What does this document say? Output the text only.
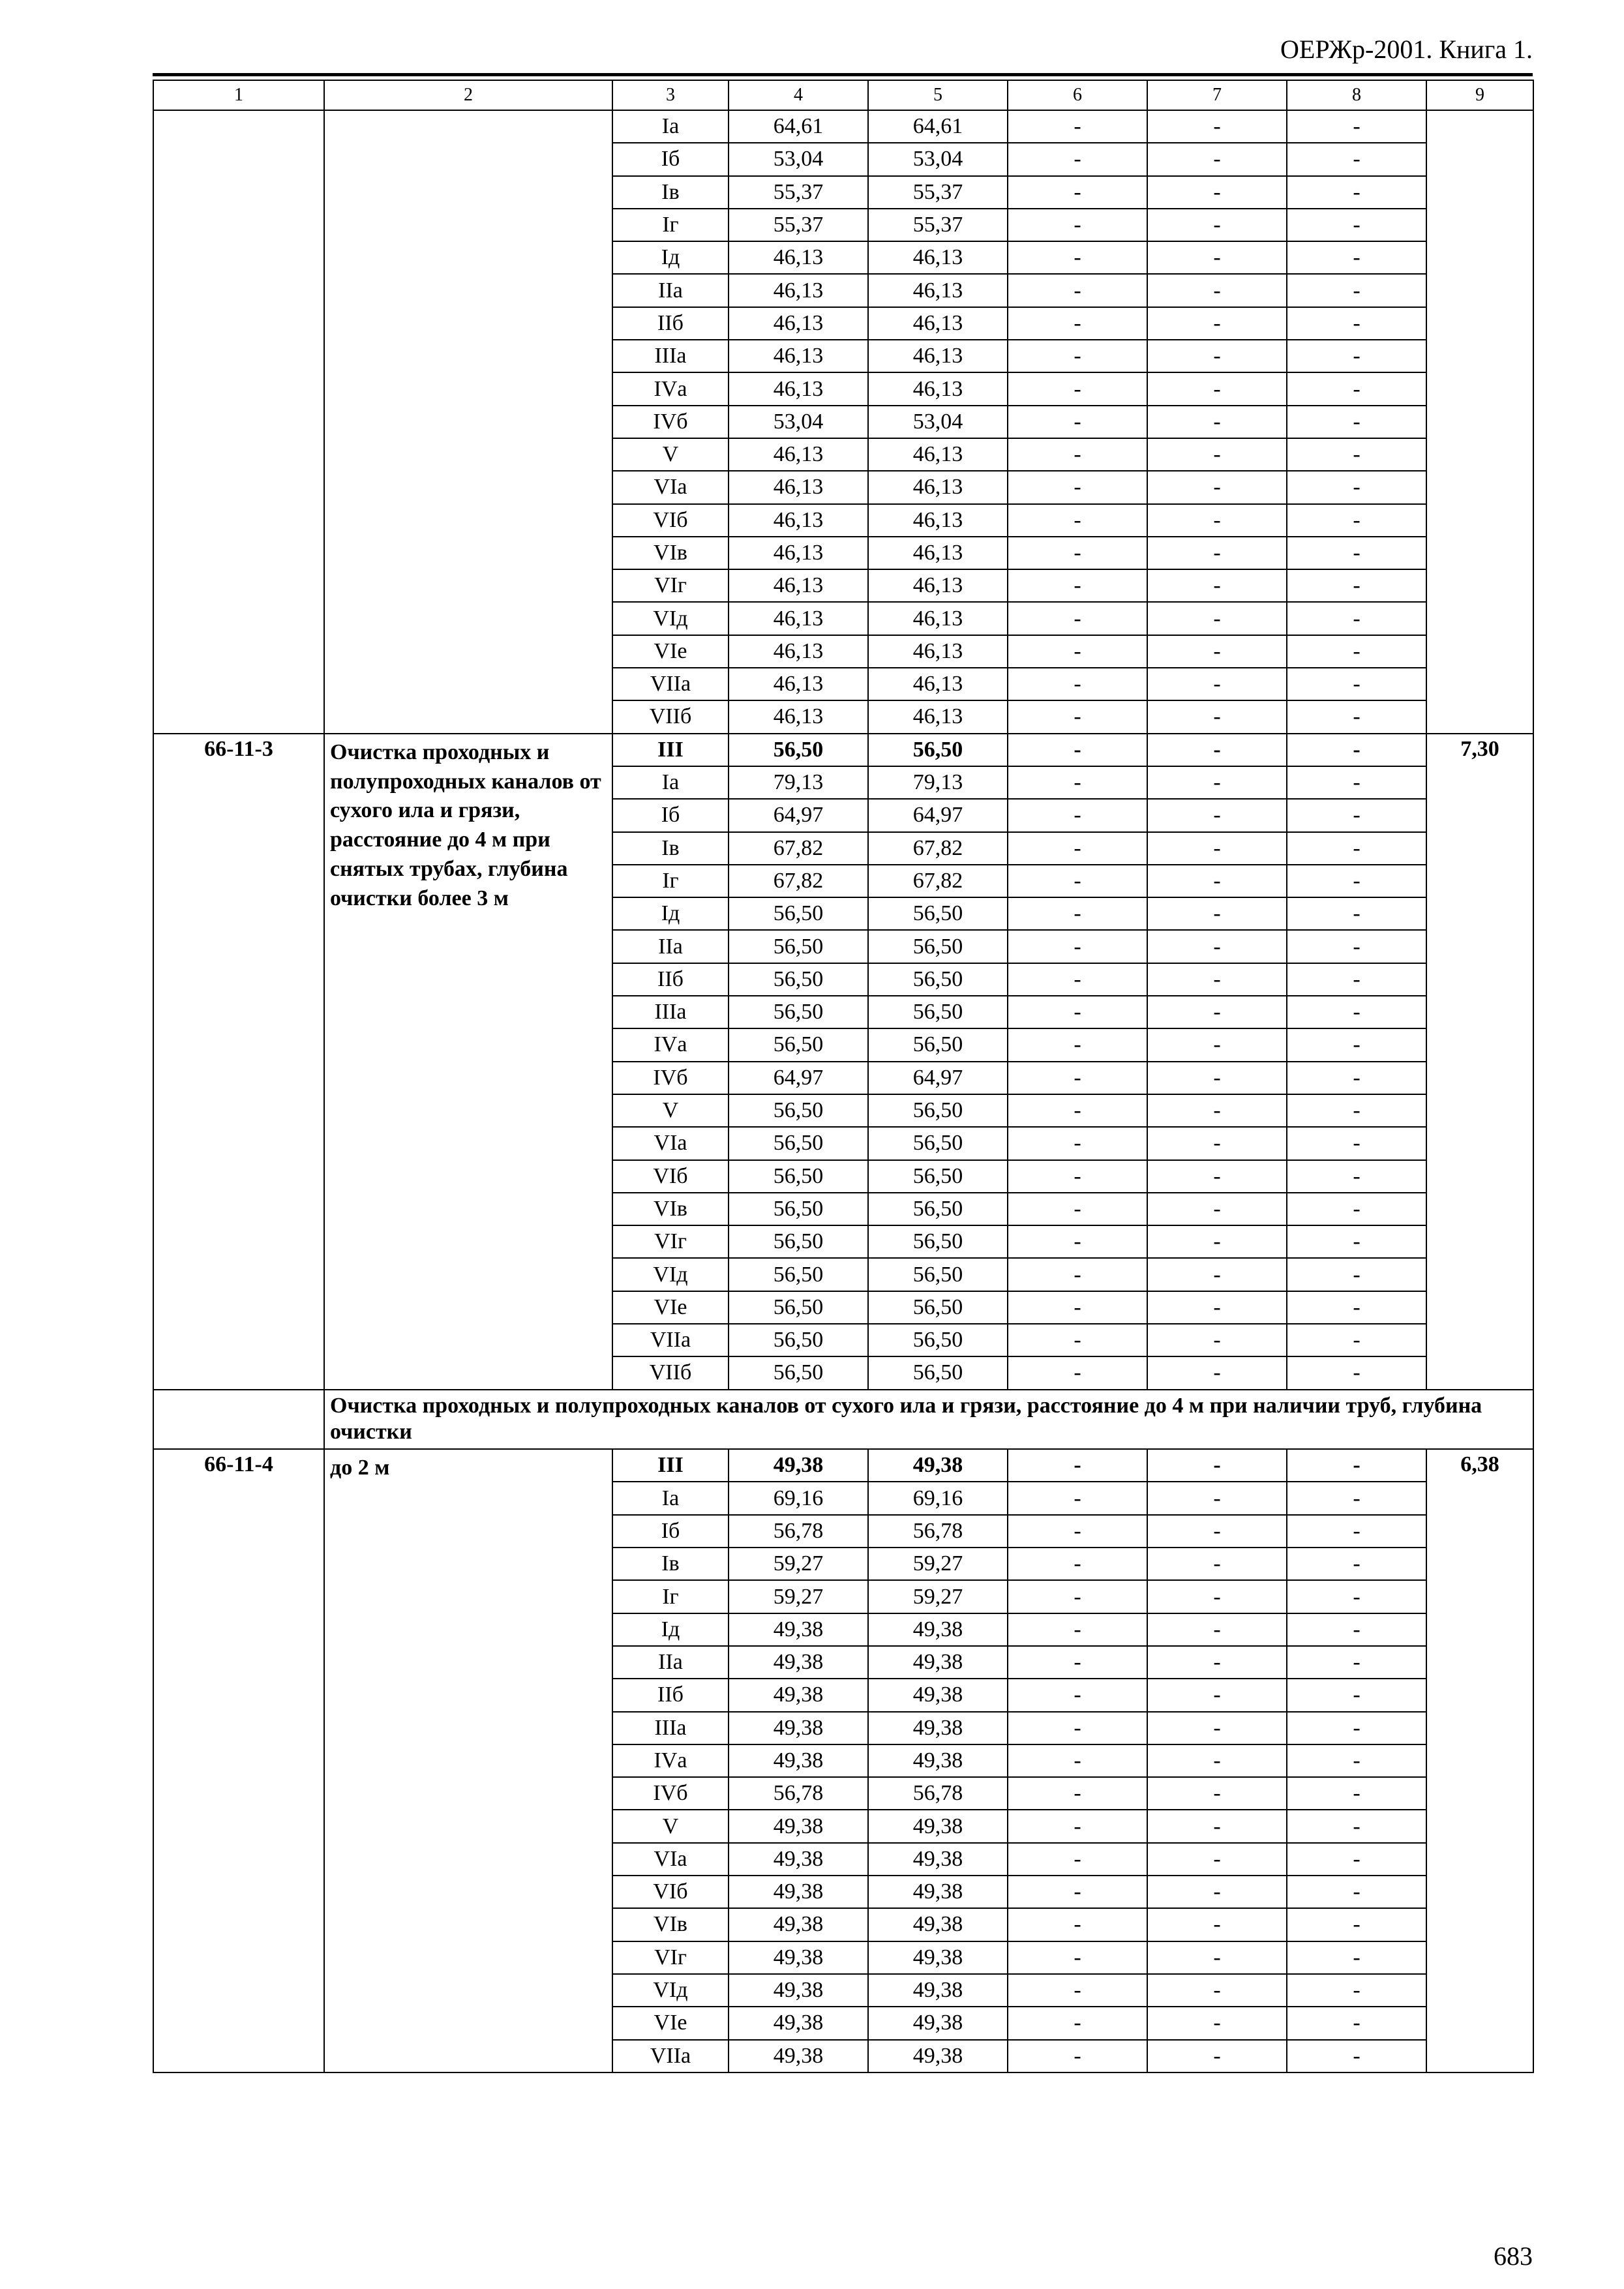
ОЕРЖр-2001. Книга 1.
1	2	3	4	5	6	7	8	9
		Iа	64,61	64,61	-	-	-	
		Iб	53,04	53,04	-	-	-	
		Iв	55,37	55,37	-	-	-	
		Iг	55,37	55,37	-	-	-	
		Iд	46,13	46,13	-	-	-	
		IIа	46,13	46,13	-	-	-	
		IIб	46,13	46,13	-	-	-	
		IIIа	46,13	46,13	-	-	-	
		IVа	46,13	46,13	-	-	-	
		IVб	53,04	53,04	-	-	-	
		V	46,13	46,13	-	-	-	
		VIа	46,13	46,13	-	-	-	
		VIб	46,13	46,13	-	-	-	
		VIв	46,13	46,13	-	-	-	
		VIг	46,13	46,13	-	-	-	
		VIд	46,13	46,13	-	-	-	
		VIе	46,13	46,13	-	-	-	
		VIIа	46,13	46,13	-	-	-	
		VIIб	46,13	46,13	-	-	-	
66-11-3	Очистка проходных и полупроходных каналов от сухого ила и грязи, расстояние до 4 м при снятых трубах, глубина очистки более 3 м	III	56,50	56,50	-	-	-	7,30
		Iа	79,13	79,13	-	-	-	
		Iб	64,97	64,97	-	-	-	
		Iв	67,82	67,82	-	-	-	
		Iг	67,82	67,82	-	-	-	
		Iд	56,50	56,50	-	-	-	
		IIа	56,50	56,50	-	-	-	
		IIб	56,50	56,50	-	-	-	
		IIIа	56,50	56,50	-	-	-	
		IVа	56,50	56,50	-	-	-	
		IVб	64,97	64,97	-	-	-	
		V	56,50	56,50	-	-	-	
		VIа	56,50	56,50	-	-	-	
		VIб	56,50	56,50	-	-	-	
		VIв	56,50	56,50	-	-	-	
		VIг	56,50	56,50	-	-	-	
		VIд	56,50	56,50	-	-	-	
		VIе	56,50	56,50	-	-	-	
		VIIа	56,50	56,50	-	-	-	
		VIIб	56,50	56,50	-	-	-	
	Очистка проходных и полупроходных каналов от сухого ила и грязи, расстояние до 4 м при наличии труб, глубина очистки							
66-11-4	до 2 м	III	49,38	49,38	-	-	-	6,38
		Iа	69,16	69,16	-	-	-	
		Iб	56,78	56,78	-	-	-	
		Iв	59,27	59,27	-	-	-	
		Iг	59,27	59,27	-	-	-	
		Iд	49,38	49,38	-	-	-	
		IIа	49,38	49,38	-	-	-	
		IIб	49,38	49,38	-	-	-	
		IIIа	49,38	49,38	-	-	-	
		IVа	49,38	49,38	-	-	-	
		IVб	56,78	56,78	-	-	-	
		V	49,38	49,38	-	-	-	
		VIа	49,38	49,38	-	-	-	
		VIб	49,38	49,38	-	-	-	
		VIв	49,38	49,38	-	-	-	
		VIг	49,38	49,38	-	-	-	
		VIд	49,38	49,38	-	-	-	
		VIе	49,38	49,38	-	-	-	
		VIIа	49,38	49,38	-	-	-	
683
